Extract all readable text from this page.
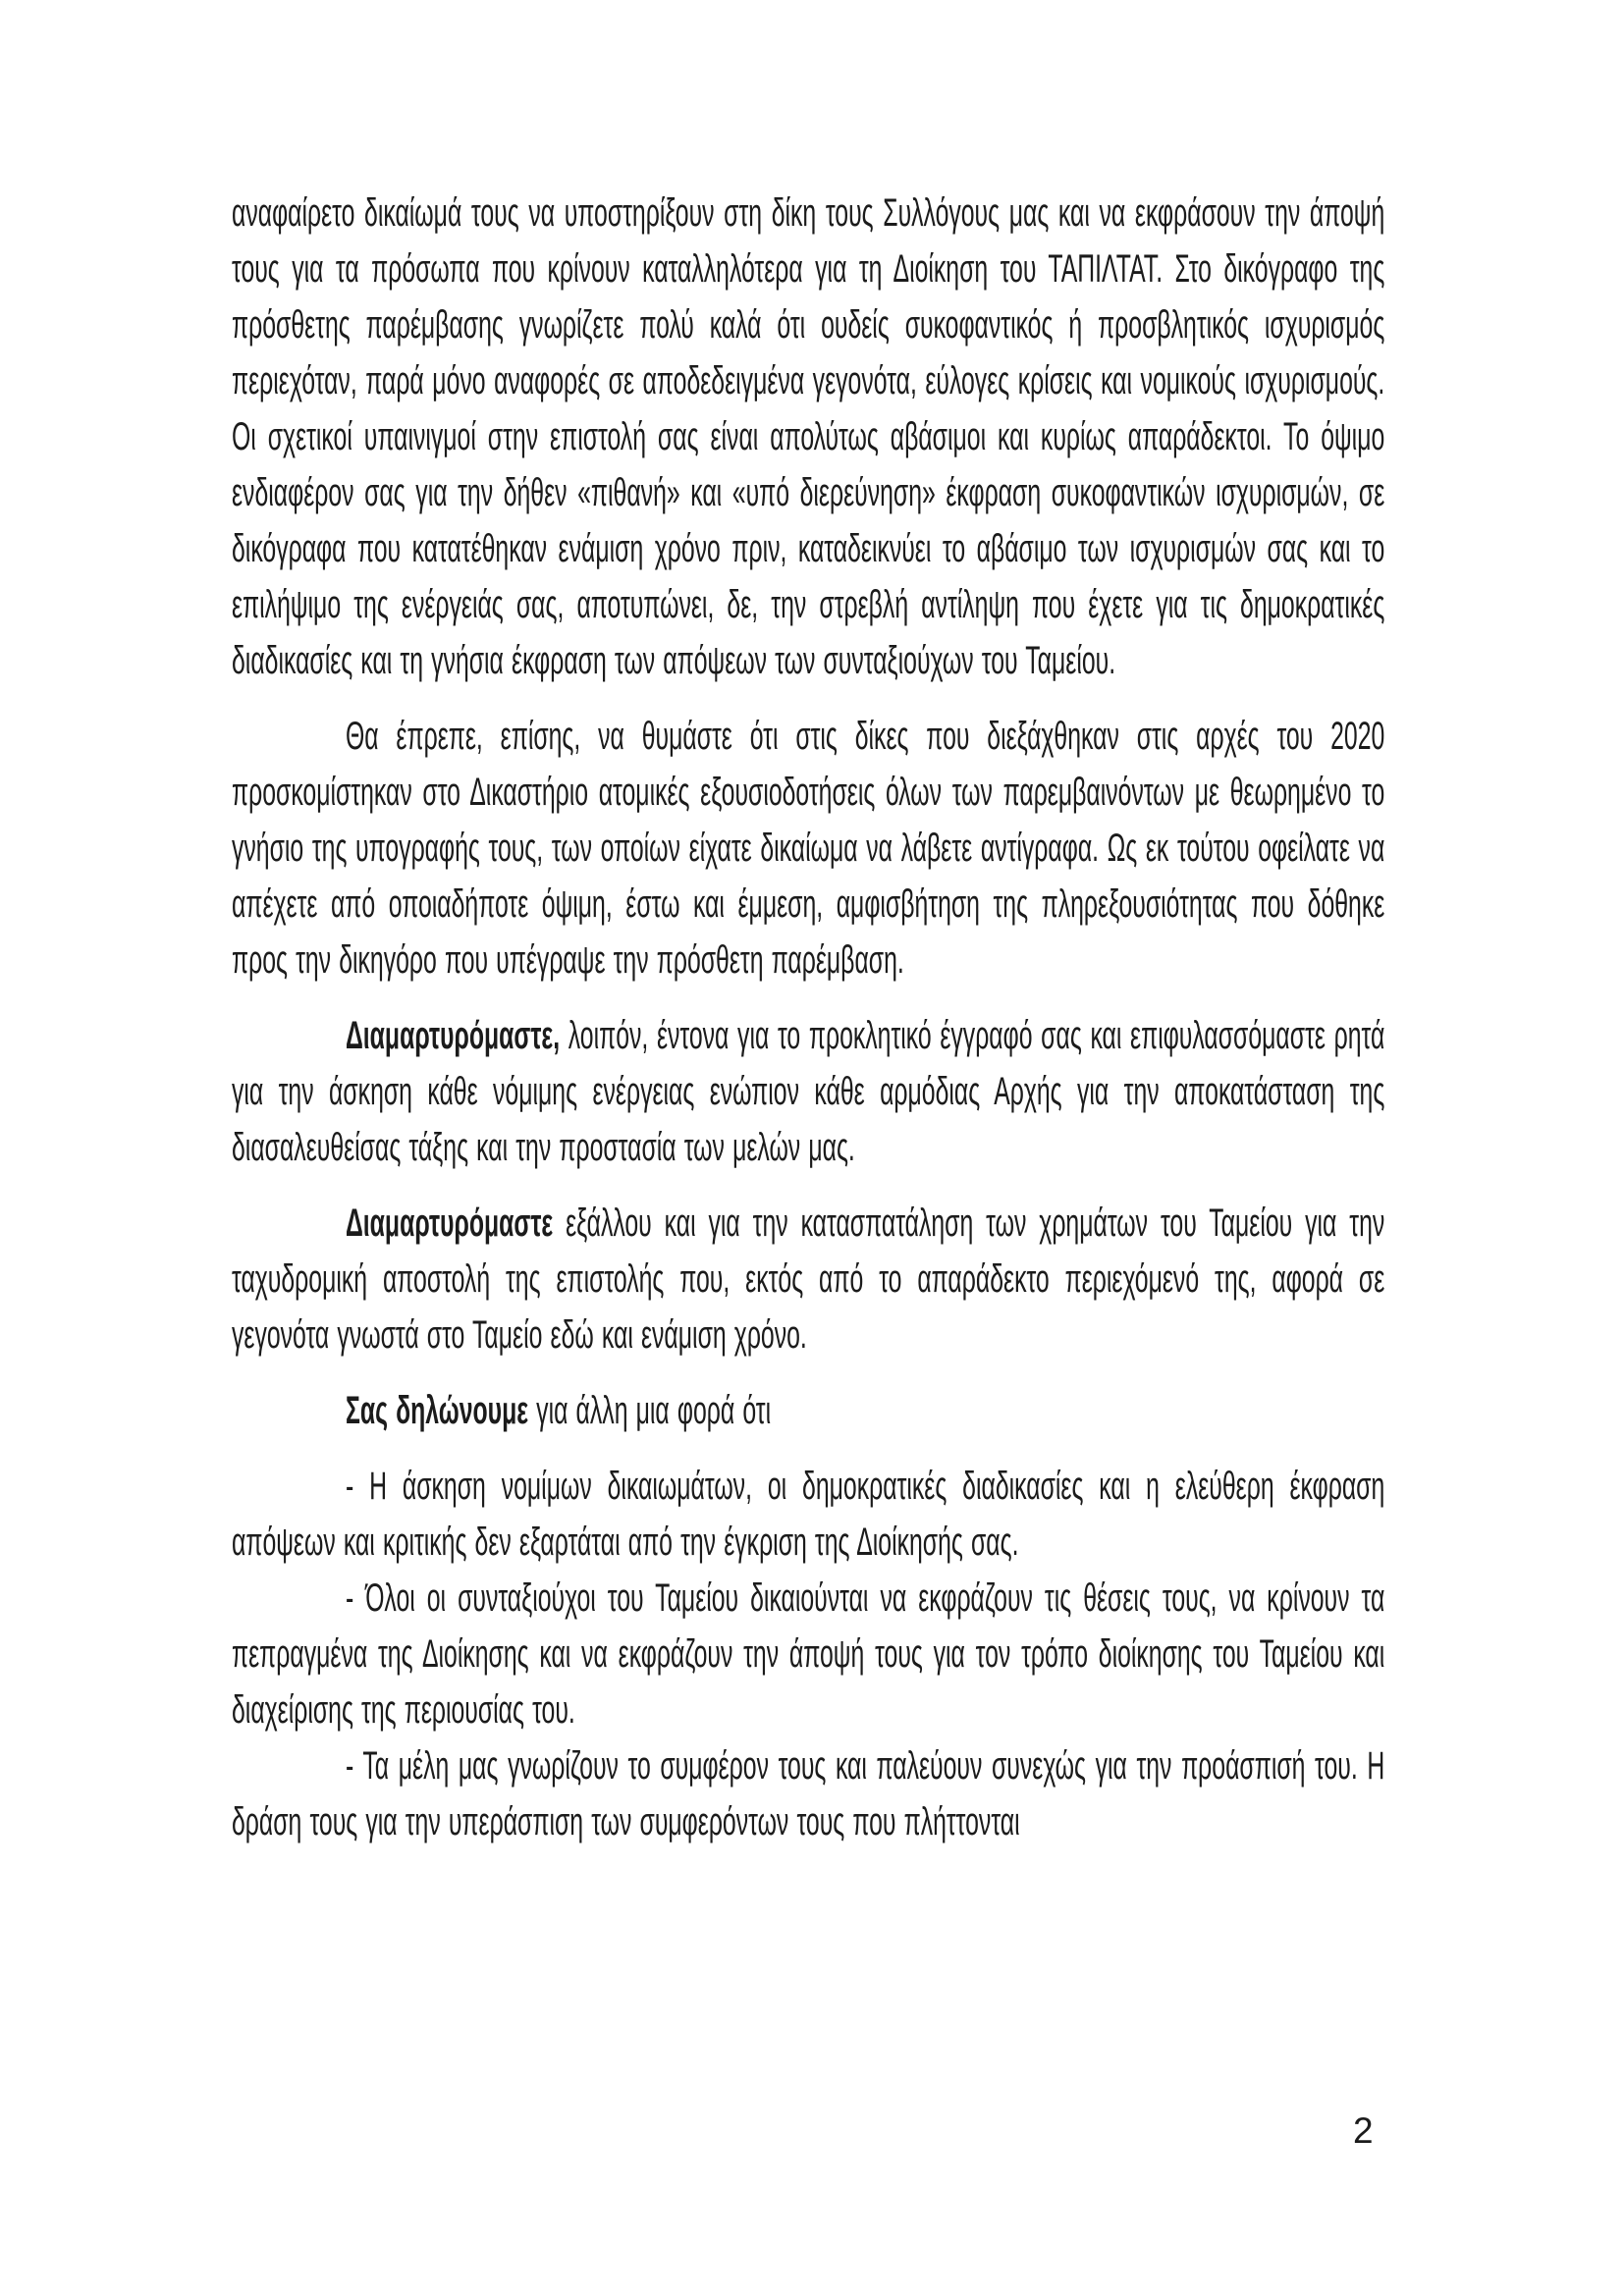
αναφαίρετο δικαίωμά τους να υποστηρίξουν στη δίκη τους Συλλόγους μας και να εκφράσουν την άποψή τους για τα πρόσωπα που κρίνουν καταλληλότερα για τη Διοίκηση του ΤΑΠΙΛΤΑΤ. Στο δικόγραφο της πρόσθετης παρέμβασης γνωρίζετε πολύ καλά ότι ουδείς συκοφαντικός ή προσβλητικός ισχυρισμός περιεχόταν, παρά μόνο αναφορές σε αποδεδειγμένα γεγονότα, εύλογες κρίσεις και νομικούς ισχυρισμούς. Οι σχετικοί υπαινιγμοί στην επιστολή σας είναι απολύτως αβάσιμοι και κυρίως απαράδεκτοι. Το όψιμο ενδιαφέρον σας για την δήθεν «πιθανή» και «υπό διερεύνηση» έκφραση συκοφαντικών ισχυρισμών, σε δικόγραφα που κατατέθηκαν ενάμιση χρόνο πριν, καταδεικνύει το αβάσιμο των ισχυρισμών σας και το επιλήψιμο της ενέργειάς σας, αποτυπώνει, δε, την στρεβλή αντίληψη που έχετε για τις δημοκρατικές διαδικασίες και τη γνήσια έκφραση των απόψεων των συνταξιούχων του Ταμείου.

Θα έπρεπε, επίσης, να θυμάστε ότι στις δίκες που διεξάχθηκαν στις αρχές του 2020 προσκομίστηκαν στο Δικαστήριο ατομικές εξουσιοδοτήσεις όλων των παρεμβαινόντων με θεωρημένο το γνήσιο της υπογραφής τους, των οποίων είχατε δικαίωμα να λάβετε αντίγραφα. Ως εκ τούτου οφείλατε να απέχετε από οποιαδήποτε όψιμη, έστω και έμμεση, αμφισβήτηση της πληρεξουσιότητας που δόθηκε προς την δικηγόρο που υπέγραψε την πρόσθετη παρέμβαση.

Διαμαρτυρόμαστε, λοιπόν, έντονα για το προκλητικό έγγραφό σας και επιφυλασσόμαστε ρητά για την άσκηση κάθε νόμιμης ενέργειας ενώπιον κάθε αρμόδιας Αρχής για την αποκατάσταση της διασαλευθείσας τάξης και την προστασία των μελών μας.

Διαμαρτυρόμαστε εξάλλου και για την κατασπατάληση των χρημάτων του Ταμείου για την ταχυδρομική αποστολή της επιστολής που, εκτός από το απαράδεκτο περιεχόμενό της, αφορά σε γεγονότα γνωστά στο Ταμείο εδώ και ενάμιση χρόνο.

Σας δηλώνουμε για άλλη μια φορά ότι

- Η άσκηση νομίμων δικαιωμάτων, οι δημοκρατικές διαδικασίες και η ελεύθερη έκφραση απόψεων και κριτικής δεν εξαρτάται από την έγκριση της Διοίκησής σας.

- Όλοι οι συνταξιούχοι του Ταμείου δικαιούνται να εκφράζουν τις θέσεις τους, να κρίνουν τα πεπραγμένα της Διοίκησης και να εκφράζουν την άποψή τους για τον τρόπο διοίκησης του Ταμείου και διαχείρισης της περιουσίας του.

- Τα μέλη μας γνωρίζουν το συμφέρον τους και παλεύουν συνεχώς για την προάσπισή του. Η δράση τους για την υπεράσπιση των συμφερόντων τους που πλήττονται

2
